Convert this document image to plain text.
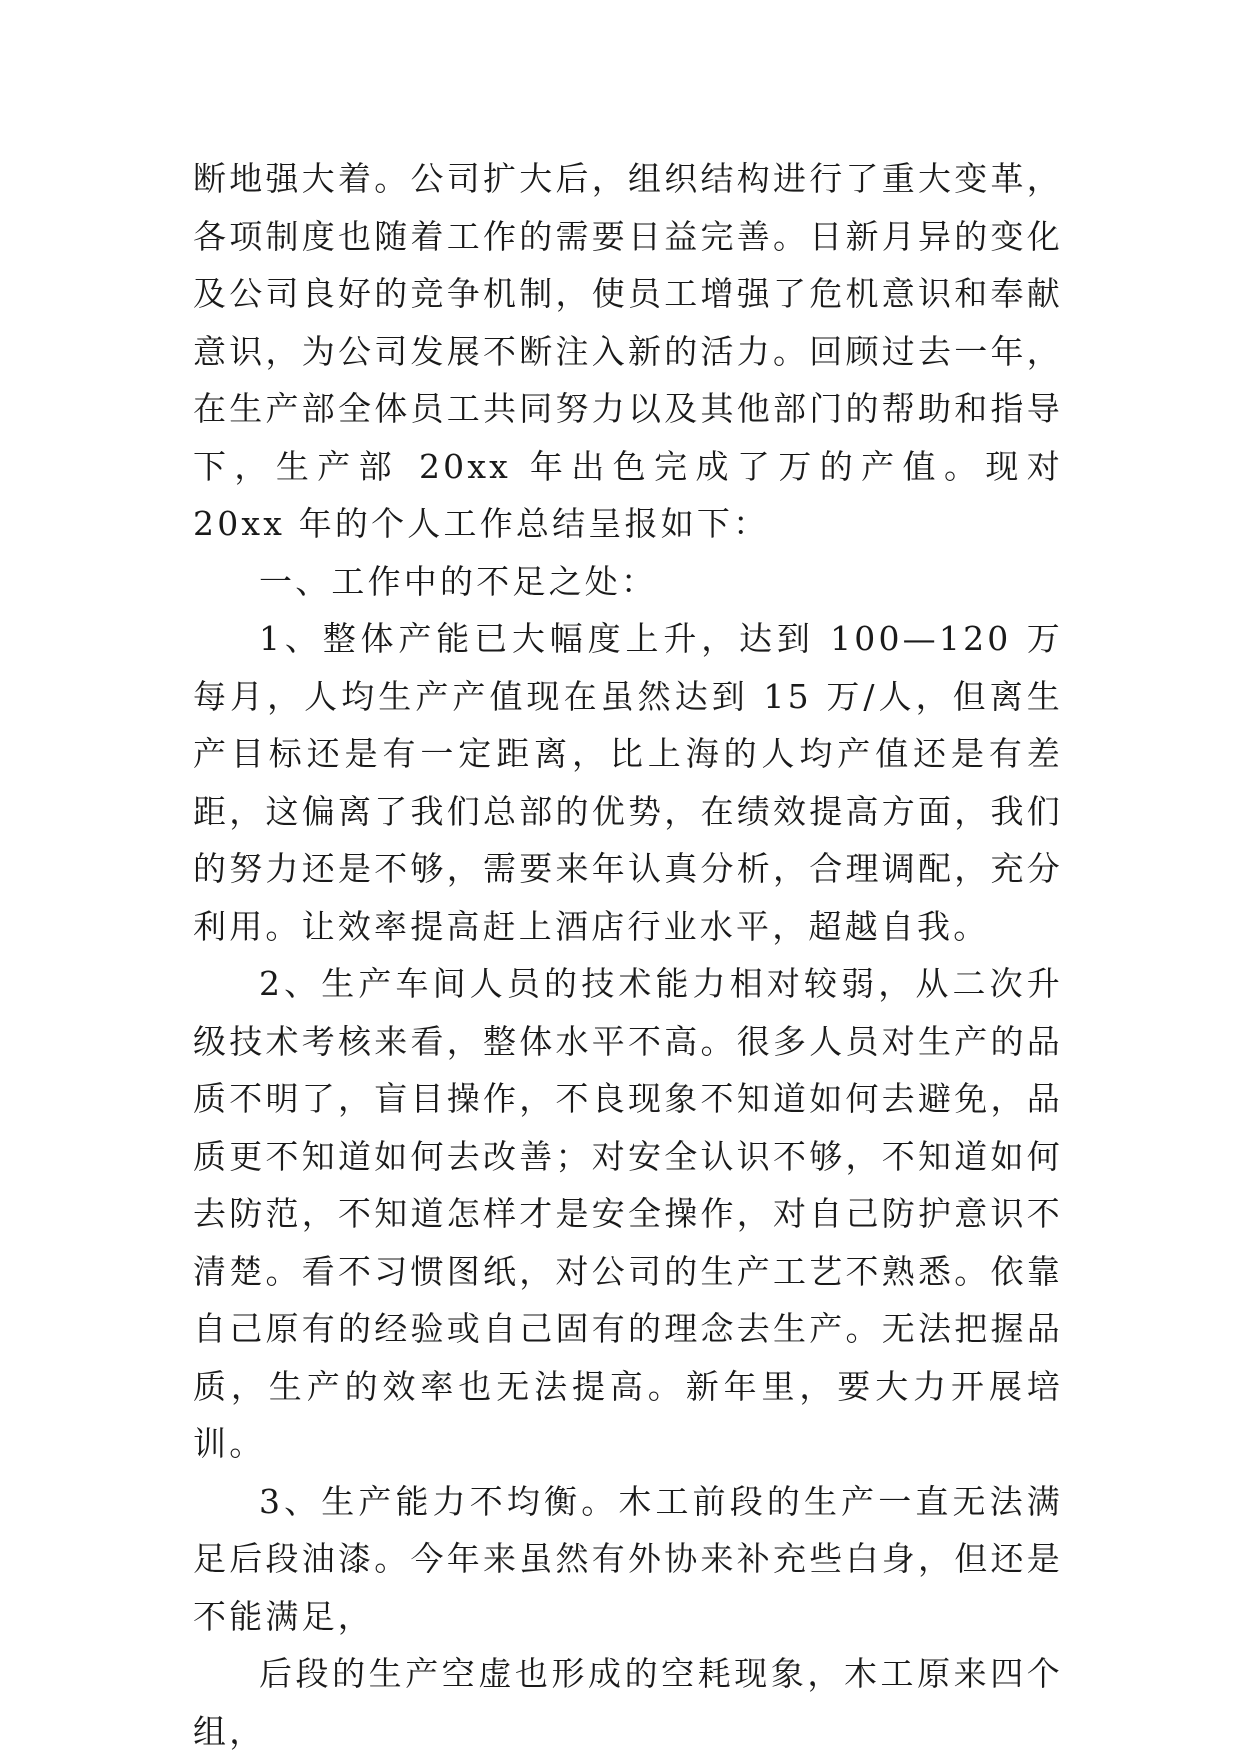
断地强大着。公司扩大后，组织结构进行了重大变革，各项制度也随着工作的需要日益完善。日新月异的变化及公司良好的竞争机制，使员工增强了危机意识和奉献意识，为公司发展不断注入新的活力。回顾过去一年，在生产部全体员工共同努力以及其他部门的帮助和指导下，生产部 20xx 年出色完成了万的产值。现对 20xx 年的个人工作总结呈报如下：

一、工作中的不足之处：

1、整体产能已大幅度上升，达到 100—120 万每月，人均生产产值现在虽然达到 15 万/人，但离生产目标还是有一定距离，比上海的人均产值还是有差距，这偏离了我们总部的优势，在绩效提高方面，我们的努力还是不够，需要来年认真分析，合理调配，充分利用。让效率提高赶上酒店行业水平，超越自我。

2、生产车间人员的技术能力相对较弱，从二次升级技术考核来看，整体水平不高。很多人员对生产的品质不明了，盲目操作，不良现象不知道如何去避免，品质更不知道如何去改善；对安全认识不够，不知道如何去防范，不知道怎样才是安全操作，对自己防护意识不清楚。看不习惯图纸，对公司的生产工艺不熟悉。依靠自己原有的经验或自己固有的理念去生产。无法把握品质，生产的效率也无法提高。新年里，要大力开展培训。

3、生产能力不均衡。木工前段的生产一直无法满足后段油漆。今年来虽然有外协来补充些白身，但还是不能满足，

后段的生产空虚也形成的空耗现象，木工原来四个组，
